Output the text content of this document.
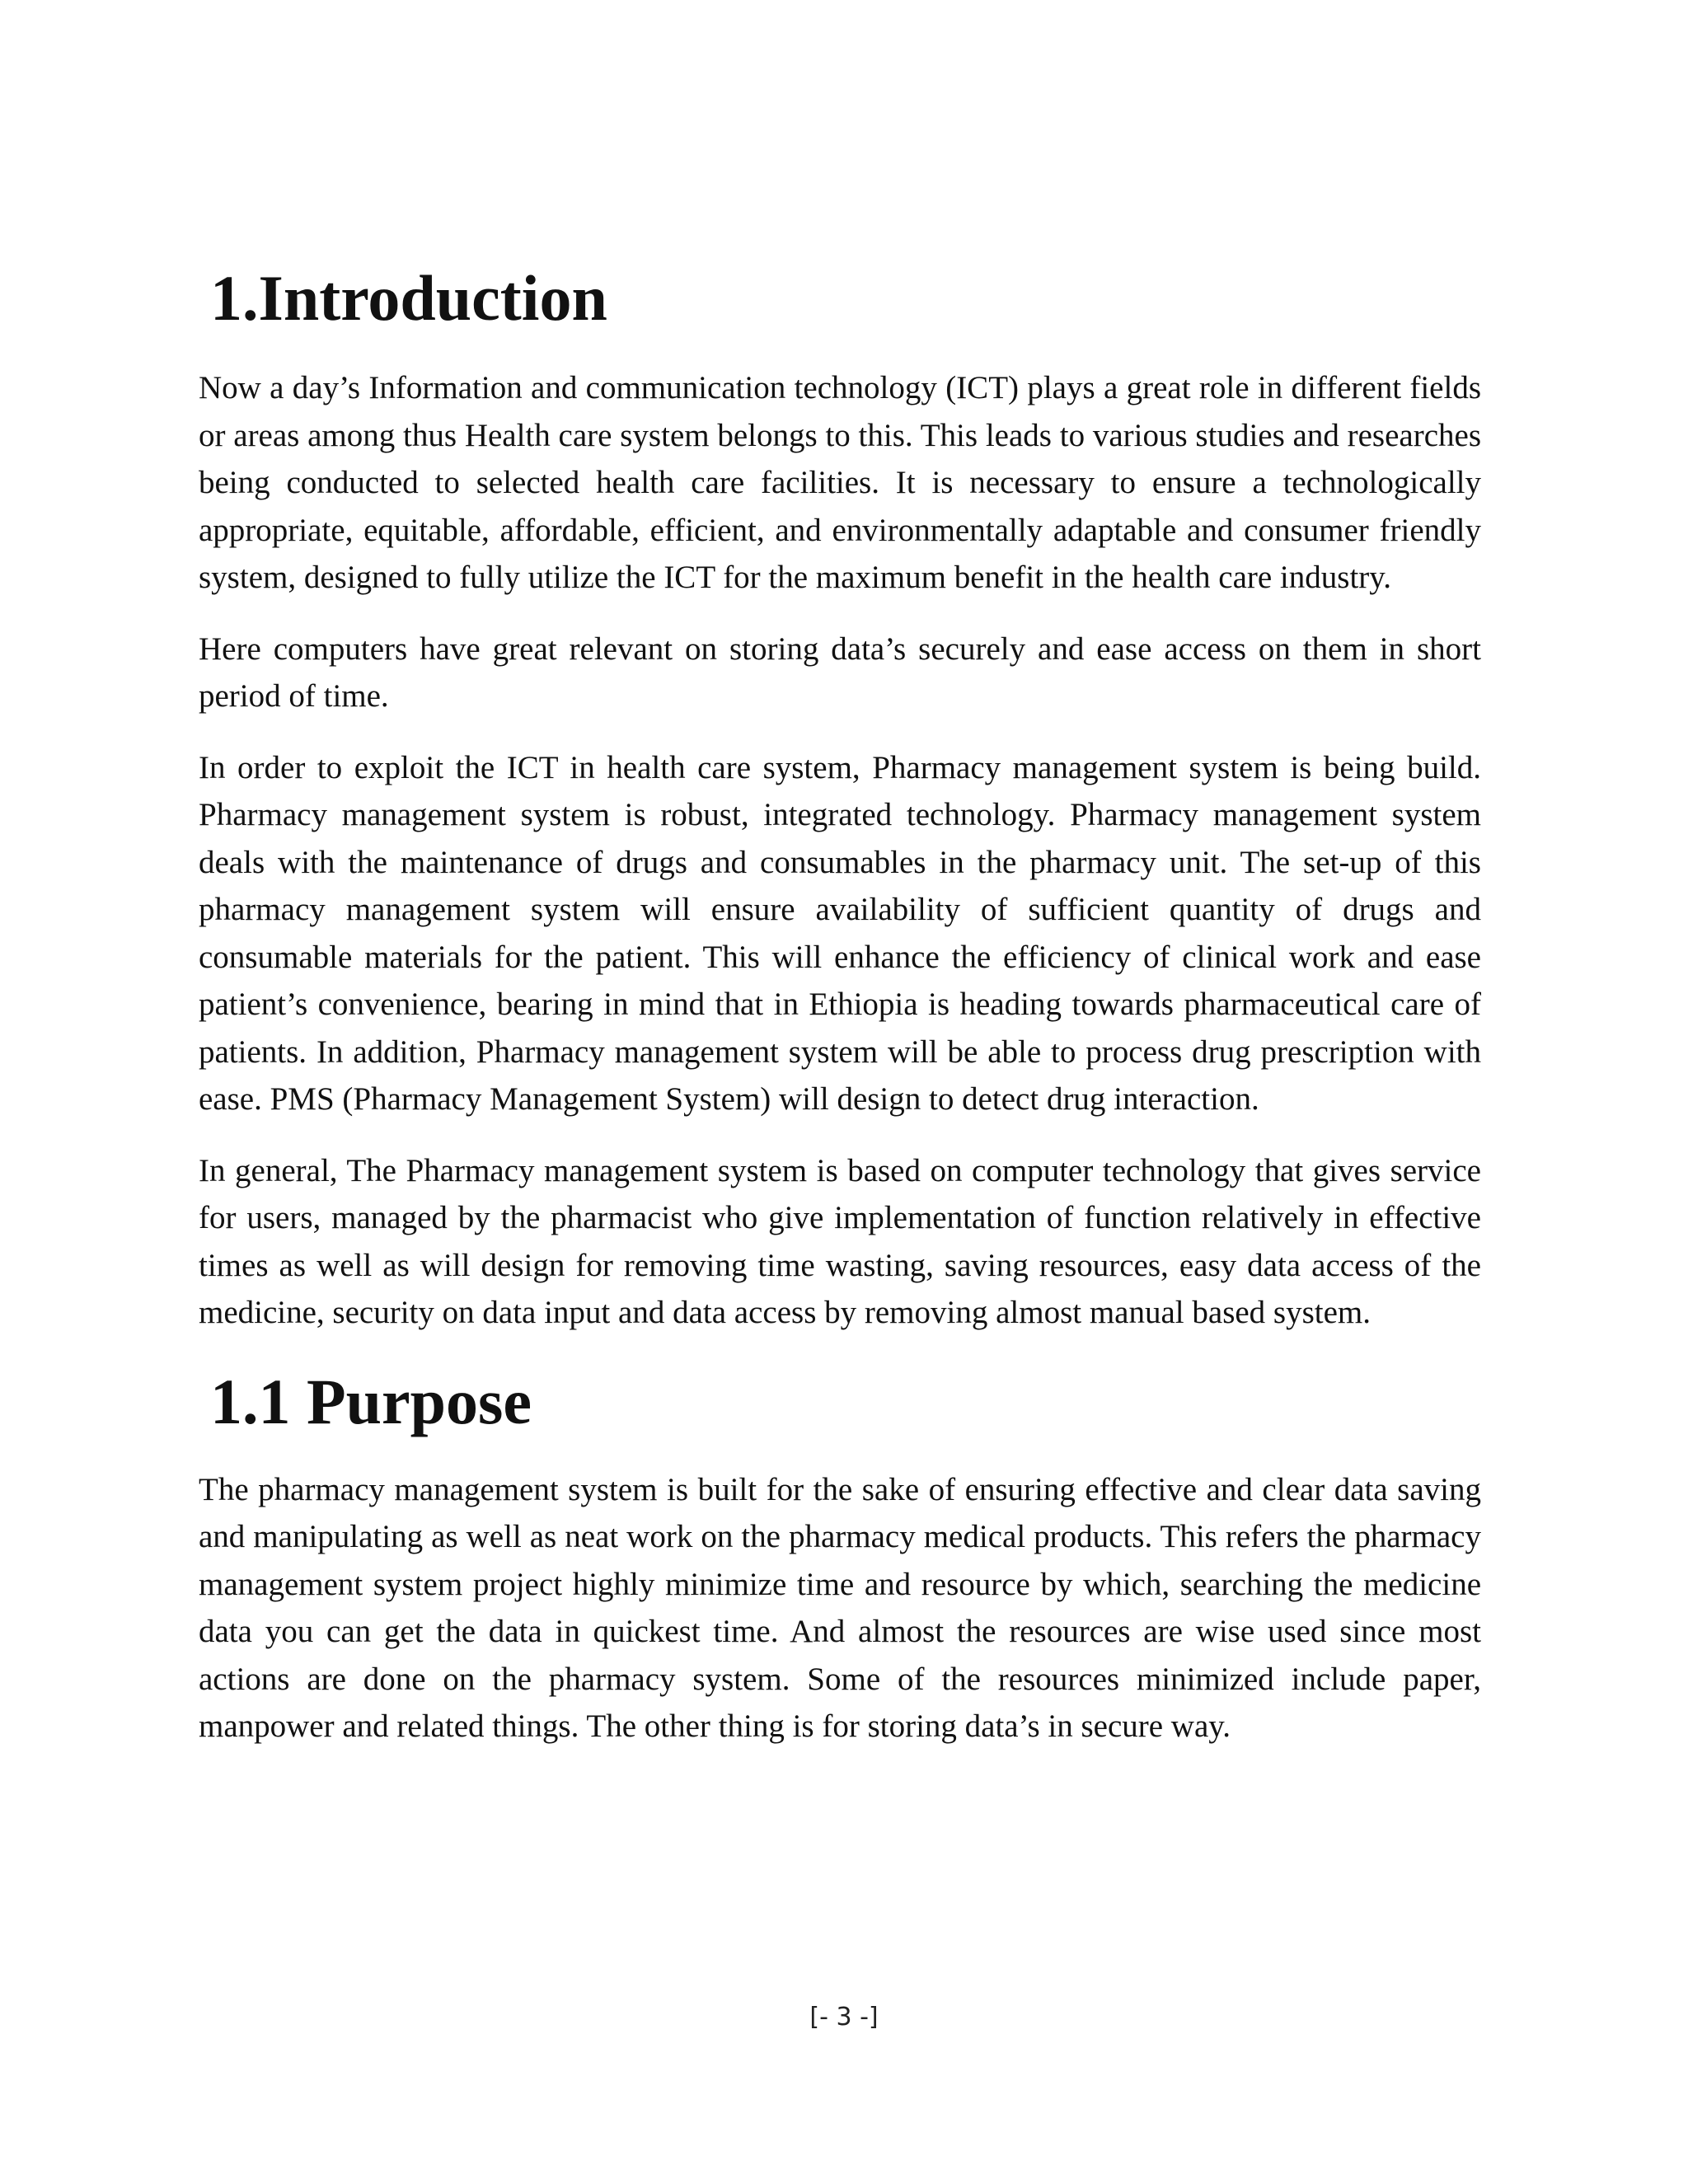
1.Introduction

Now a day’s Information and communication technology (ICT) plays a great role in different fields or areas among thus Health care system belongs to this. This leads to various studies and researches being conducted to selected health care facilities. It is necessary to ensure a technologically appropriate, equitable, affordable, efficient, and environmentally adaptable and consumer friendly system, designed to fully utilize the ICT for the maximum benefit in the health care industry.

Here computers have great relevant on storing data’s securely and ease access on them in short period of time.

In order to exploit the ICT in health care system, Pharmacy management system is being build. Pharmacy management system is robust, integrated technology. Pharmacy management system deals with the maintenance of drugs and consumables in the pharmacy unit. The set-up of this pharmacy management system will ensure availability of sufficient quantity of drugs and consumable materials for the patient. This will enhance the efficiency of clinical work and ease patient’s convenience, bearing in mind that in Ethiopia is heading towards pharmaceutical care of patients. In addition, Pharmacy management system will be able to process drug prescription with ease. PMS (Pharmacy Management System) will design to detect drug interaction.

In general, The Pharmacy management system is based on computer technology that gives service for users, managed by the pharmacist who give implementation of function relatively in effective times as well as will design for removing time wasting, saving resources, easy data access of the medicine, security on data input and data access by removing almost manual based system.

1.1 Purpose

The pharmacy management system is built for the sake of ensuring effective and clear data saving and manipulating as well as neat work on the pharmacy medical products. This refers the pharmacy management system project highly minimize time and resource by which, searching the medicine data you can get the data in quickest time. And almost the resources are wise used since most actions are done on the pharmacy system. Some of the resources minimized include paper, manpower and related things. The other thing is for storing data’s in secure way.

[- 3 -]
